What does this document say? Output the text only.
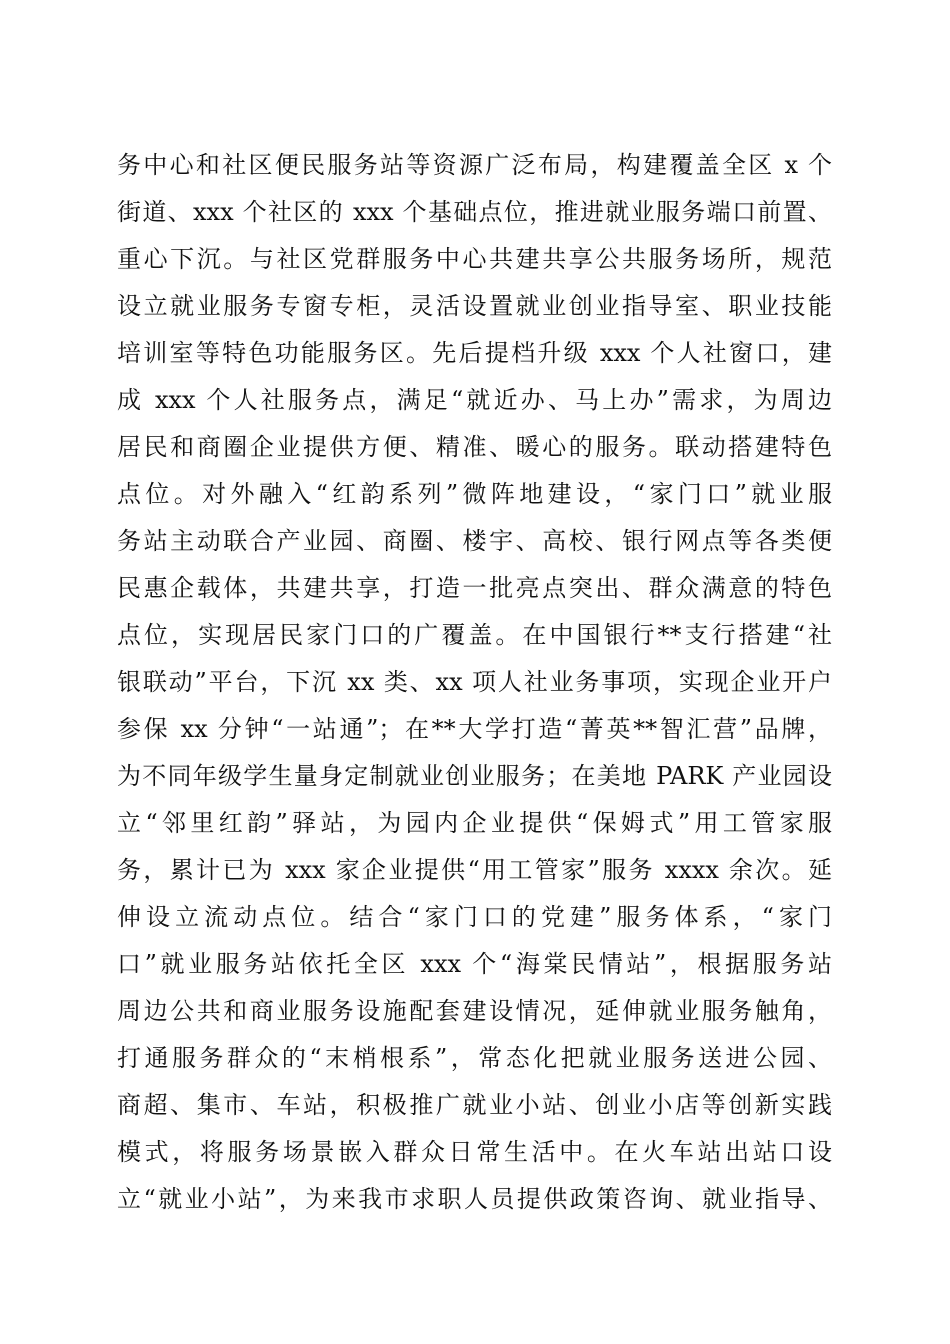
务中心和社区便民服务站等资源广泛布局，构建覆盖全区 x 个
街道、xxx 个社区的 xxx 个基础点位，推进就业服务端口前置、
重心下沉。与社区党群服务中心共建共享公共服务场所，规范
设立就业服务专窗专柜，灵活设置就业创业指导室、职业技能
培训室等特色功能服务区。先后提档升级 xxx 个人社窗口，建
成 xxx 个人社服务点，满足“就近办、马上办”需求，为周边
居民和商圈企业提供方便、精准、暖心的服务。联动搭建特色
点位。对外融入“红韵系列”微阵地建设，“家门口”就业服
务站主动联合产业园、商圈、楼宇、高校、银行网点等各类便
民惠企载体，共建共享，打造一批亮点突出、群众满意的特色
点位，实现居民家门口的广覆盖。在中国银行**支行搭建“社
银联动”平台，下沉 xx 类、xx 项人社业务事项，实现企业开户
参保 xx 分钟“一站通”；在**大学打造“菁英**智汇营”品牌，
为不同年级学生量身定制就业创业服务；在美地 PARK 产业园设
立“邻里红韵”驿站，为园内企业提供“保姆式”用工管家服
务，累计已为 xxx 家企业提供“用工管家”服务 xxxx 余次。延
伸设立流动点位。结合“家门口的党建”服务体系，“家门
口”就业服务站依托全区 xxx 个“海棠民情站”，根据服务站
周边公共和商业服务设施配套建设情况，延伸就业服务触角，
打通服务群众的“末梢根系”，常态化把就业服务送进公园、
商超、集市、车站，积极推广就业小站、创业小店等创新实践
模式，将服务场景嵌入群众日常生活中。在火车站出站口设
立“就业小站”，为来我市求职人员提供政策咨询、就业指导、
